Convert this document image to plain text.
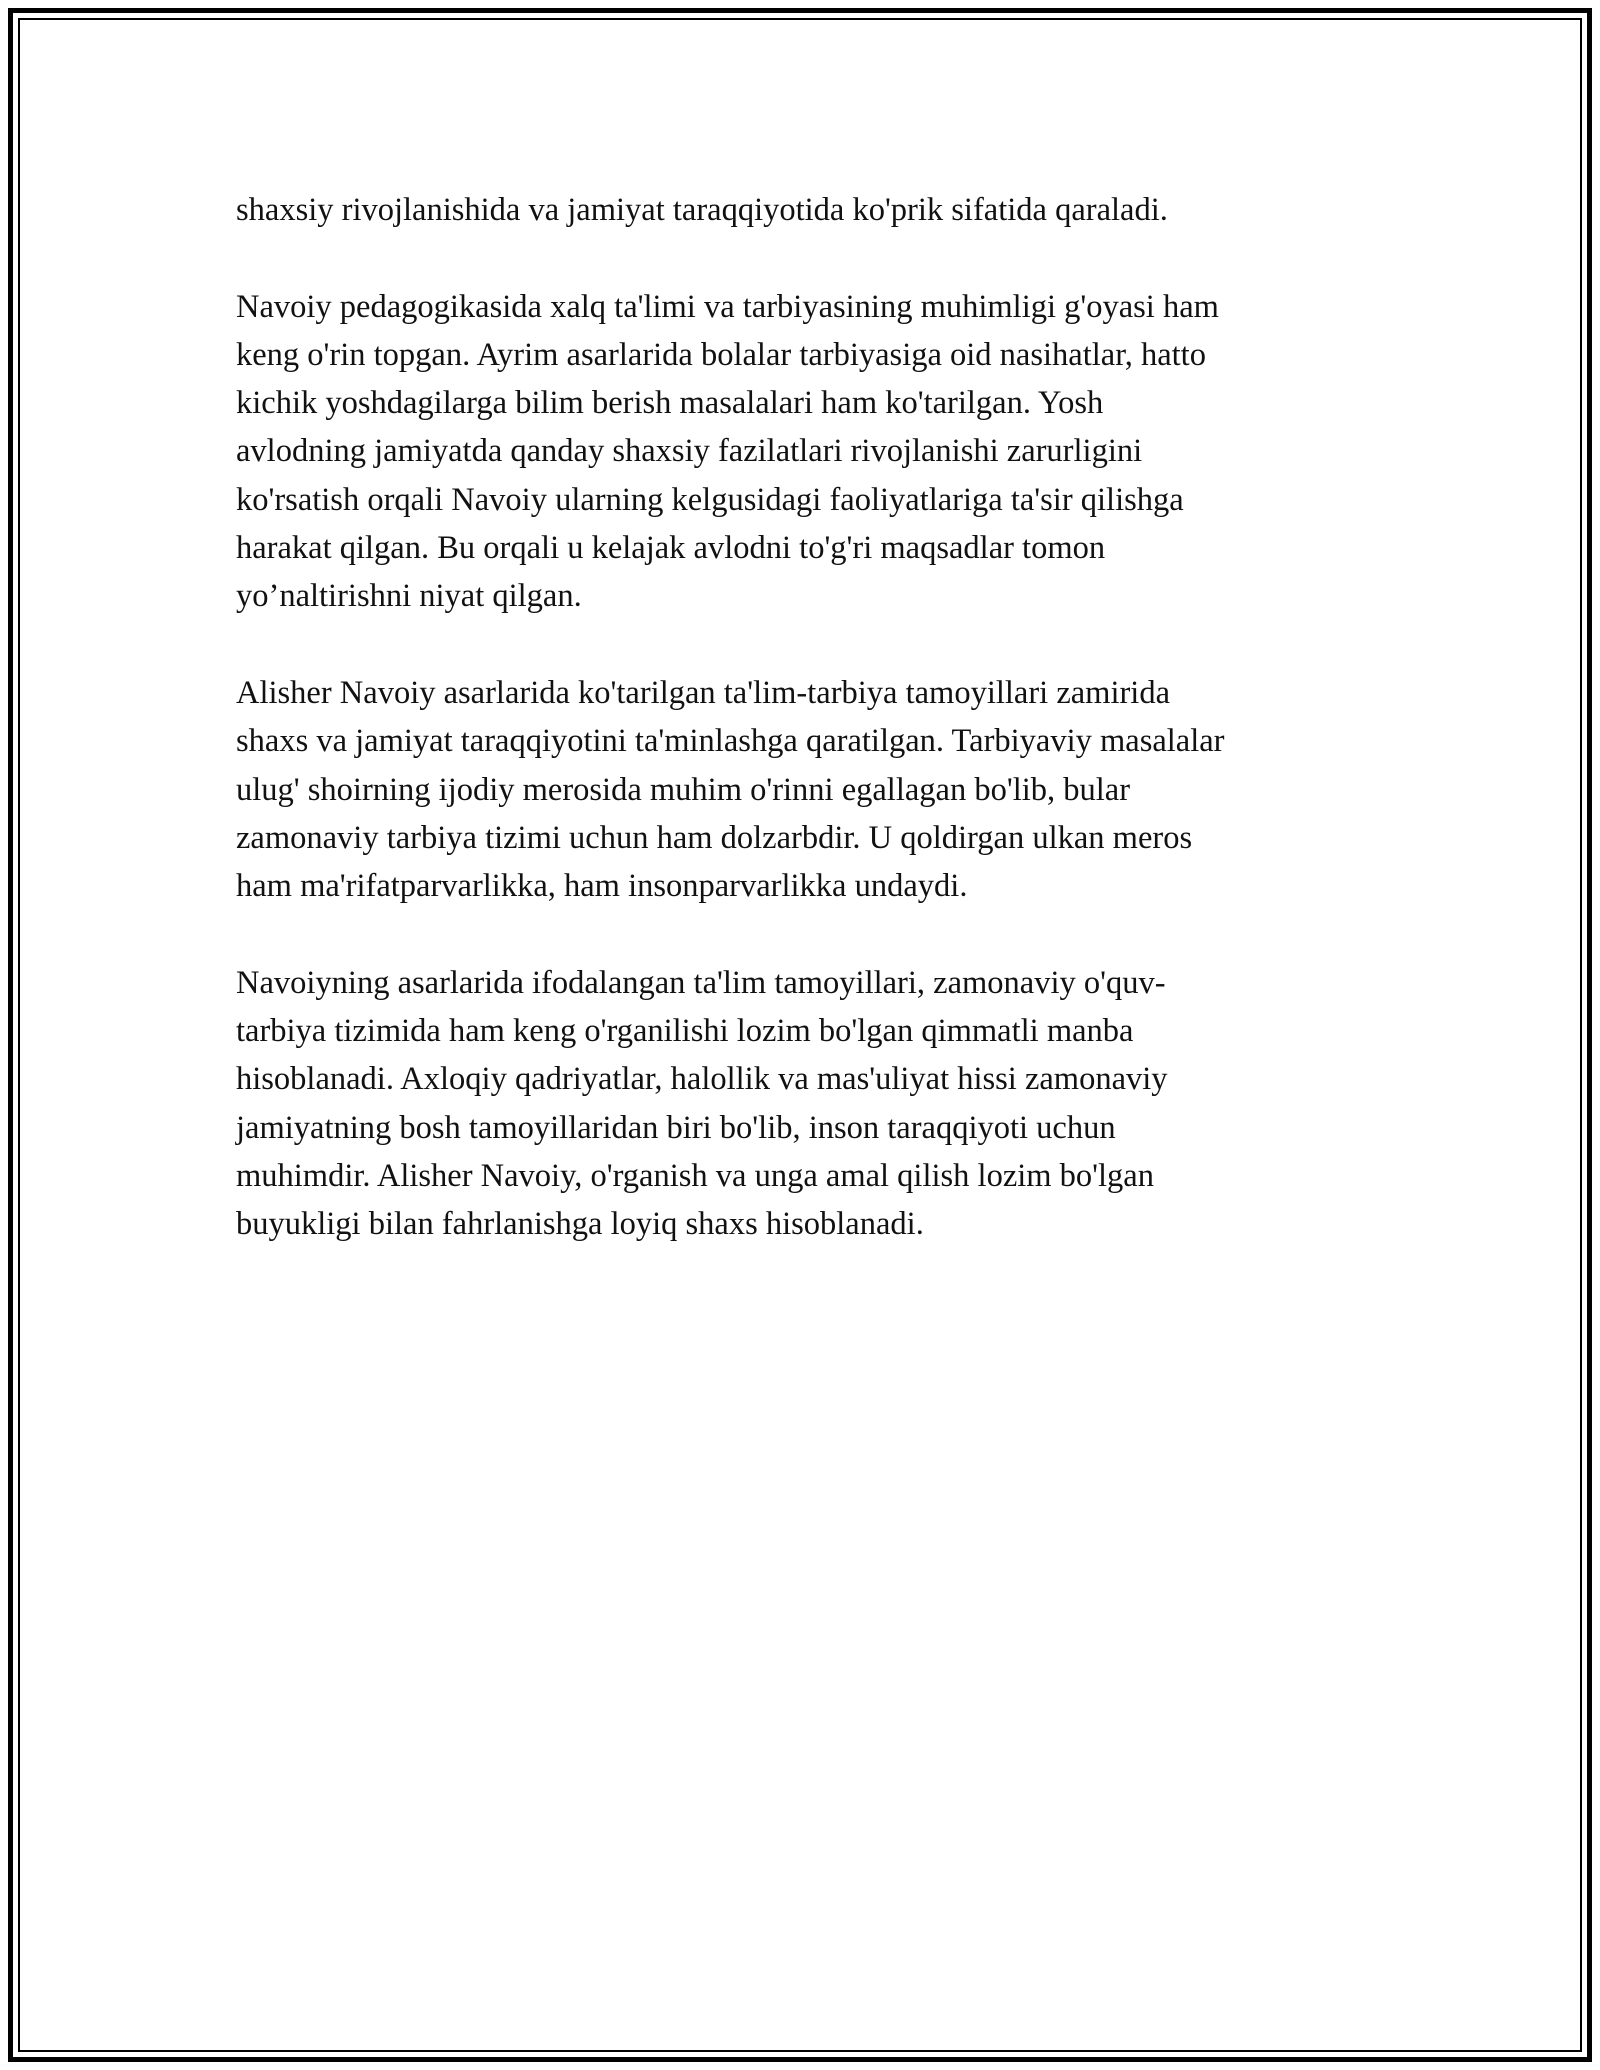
shaxsiy rivojlanishida va jamiyat taraqqiyotida ko'prik sifatida qaraladi.

Navoiy pedagogikasida xalq ta'limi va tarbiyasining muhimligi g'oyasi ham
keng o'rin topgan. Ayrim asarlarida bolalar tarbiyasiga oid nasihatlar, hatto
kichik yoshdagilarga bilim berish masalalari ham ko'tarilgan. Yosh
avlodning jamiyatda qanday shaxsiy fazilatlari rivojlanishi zarurligini
ko'rsatish orqali Navoiy ularning kelgusidagi faoliyatlariga ta'sir qilishga
harakat qilgan. Bu orqali u kelajak avlodni to'g'ri maqsadlar tomon
yo’naltirishni niyat qilgan.

Alisher Navoiy asarlarida ko'tarilgan ta'lim-tarbiya tamoyillari zamirida
shaxs va jamiyat taraqqiyotini ta'minlashga qaratilgan. Tarbiyaviy masalalar
ulug' shoirning ijodiy merosida muhim o'rinni egallagan bo'lib, bular
zamonaviy tarbiya tizimi uchun ham dolzarbdir. U qoldirgan ulkan meros
ham ma'rifatparvarlikka, ham insonparvarlikka undaydi.

Navoiyning asarlarida ifodalangan ta'lim tamoyillari, zamonaviy o'quv-
tarbiya tizimida ham keng o'rganilishi lozim bo'lgan qimmatli manba
hisoblanadi. Axloqiy qadriyatlar, halollik va mas'uliyat hissi zamonaviy
jamiyatning bosh tamoyillaridan biri bo'lib, inson taraqqiyoti uchun
muhimdir. Alisher Navoiy, o'rganish va unga amal qilish lozim bo'lgan
buyukligi bilan fahrlanishga loyiq shaxs hisoblanadi.
